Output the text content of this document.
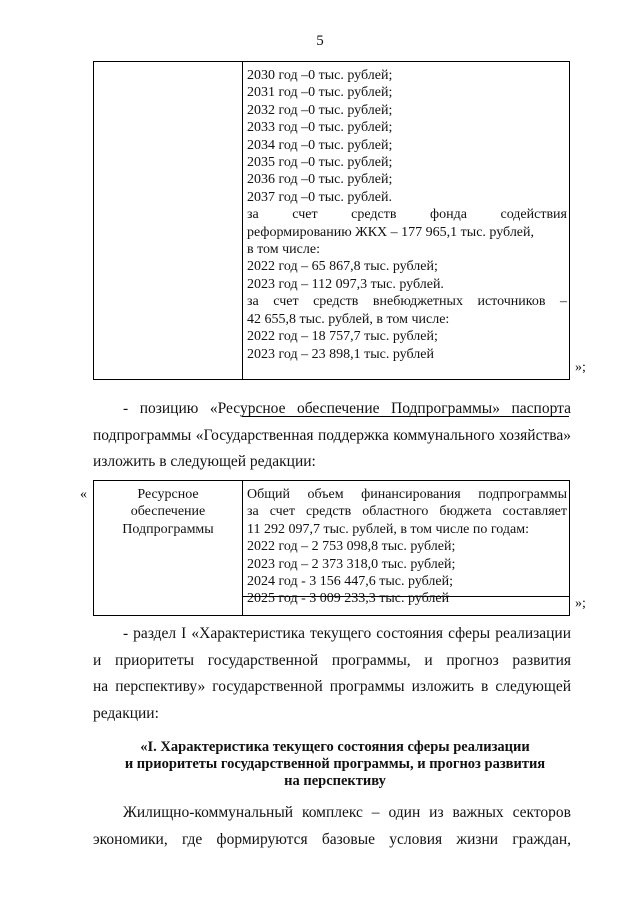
5
2030 год –0 тыс. рублей;
2031 год –0 тыс. рублей;
2032 год –0 тыс. рублей;
2033 год –0 тыс. рублей;
2034 год –0 тыс. рублей;
2035 год –0 тыс. рублей;
2036 год –0 тыс. рублей;
2037 год –0 тыс. рублей.
за счет средств фонда содействия
реформированию ЖКХ – 177 965,1 тыс. рублей,
в том числе:
2022 год – 65 867,8 тыс. рублей;
2023 год – 112 097,3 тыс. рублей.
за счет средств внебюджетных источников –
42 655,8 тыс. рублей, в том числе:
2022 год – 18 757,7 тыс. рублей;
2023 год – 23 898,1 тыс. рублей
»;
- позицию «Ресурсное обеспечение Подпрограммы» паспорта
подпрограммы «Государственная поддержка коммунального хозяйства»
изложить в следующей редакции:
«	Ресурсное
обеспечение
Подпрограммы
Общий объем финансирования подпрограммы
за счет средств областного бюджета составляет
11 292 097,7 тыс. рублей, в том числе по годам:
2022 год – 2 753 098,8 тыс. рублей;
2023 год – 2 373 318,0 тыс. рублей;
2024 год - 3 156 447,6 тыс. рублей;
2025 год - 3 009 233,3 тыс. рублей	»;
- раздел I «Характеристика текущего состояния сферы реализации
и приоритеты государственной программы, и прогноз развития
на перспективу» государственной программы изложить в следующей
редакции:
«I. Характеристика текущего состояния сферы реализации
и приоритеты государственной программы, и прогноз развития
на перспективу
Жилищно-коммунальный комплекс – один из важных секторов
экономики, где формируются базовые условия жизни граждан,
